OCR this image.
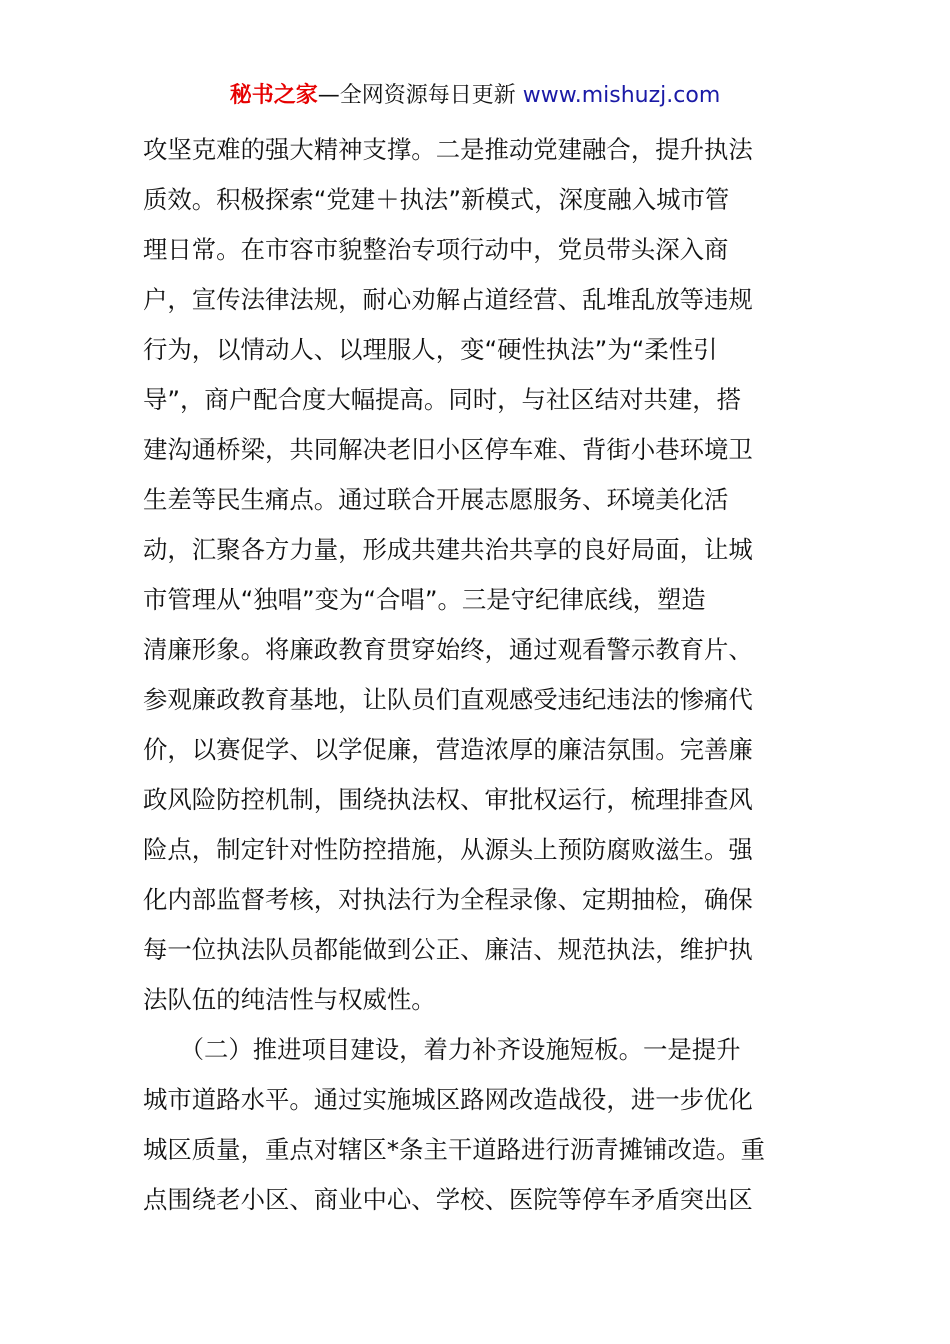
秘书之家—全网资源每日更新 www.mishuzj.com
攻坚克难的强大精神支撑。二是推动党建融合，提升执法
质效。积极探索“党建＋执法”新模式，深度融入城市管
理日常。在市容市貌整治专项行动中，党员带头深入商
户，宣传法律法规，耐心劝解占道经营、乱堆乱放等违规
行为，以情动人、以理服人，变“硬性执法”为“柔性引
导”，商户配合度大幅提高。同时，与社区结对共建，搭
建沟通桥梁，共同解决老旧小区停车难、背街小巷环境卫
生差等民生痛点。通过联合开展志愿服务、环境美化活
动，汇聚各方力量，形成共建共治共享的良好局面，让城
市管理从“独唱”变为“合唱”。三是守纪律底线，塑造
清廉形象。将廉政教育贯穿始终，通过观看警示教育片、
参观廉政教育基地，让队员们直观感受违纪违法的惨痛代
价，以赛促学、以学促廉，营造浓厚的廉洁氛围。完善廉
政风险防控机制，围绕执法权、审批权运行，梳理排查风
险点，制定针对性防控措施，从源头上预防腐败滋生。强
化内部监督考核，对执法行为全程录像、定期抽检，确保
每一位执法队员都能做到公正、廉洁、规范执法，维护执
法队伍的纯洁性与权威性。
　　（二）推进项目建设，着力补齐设施短板。一是提升
城市道路水平。通过实施城区路网改造战役，进一步优化
城区质量，重点对辖区*条主干道路进行沥青摊铺改造。重
点围绕老小区、商业中心、学校、医院等停车矛盾突出区
